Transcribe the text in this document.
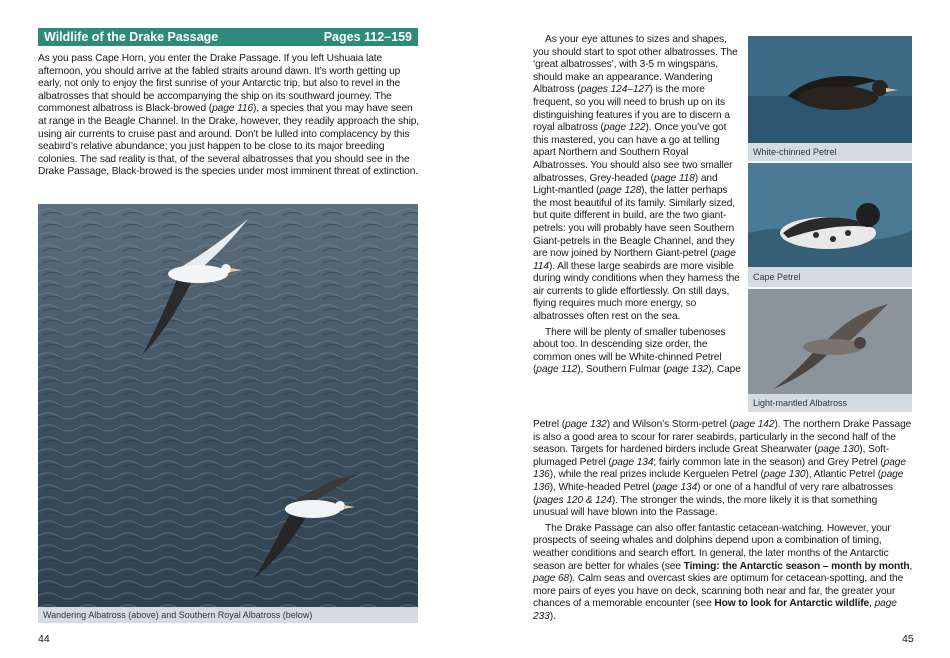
Wildlife of the Drake Passage	Pages 112–159

As you pass Cape Horn, you enter the Drake Passage. If you left Ushuaia late afternoon, you should arrive at the fabled straits around dawn. It’s worth getting up early, not only to enjoy the first sunrise of your Antarctic trip, but also to revel in the albatrosses that should be accompanying the ship on its southward journey. The commonest albatross is Black-browed (page 116), a species that you may have seen at range in the Beagle Channel. In the Drake, however, they readily approach the ship, using air currents to cruise past and around. Don’t be lulled into complacency by this seabird’s relative abundance; you just happen to be close to its major breeding colonies. The sad reality is that, of the several albatrosses that you should see in the Drake Passage, Black-browed is the species under most imminent threat of extinction.

Wandering Albatross (above) and Southern Royal Albatross (below)
44

As your eye attunes to sizes and shapes, you should start to spot other albatrosses. The ‘great albatrosses’, with 3-5 m wingspans, should make an appearance. Wandering Albatross (pages 124–127) is the more frequent, so you will need to brush up on its distinguishing features if you are to discern a royal albatross (page 122). Once you’ve got this mastered, you can have a go at telling apart Northern and Southern Royal Albatrosses. You should also see two smaller albatrosses, Grey-headed (page 118) and Light-mantled (page 128), the latter perhaps the most beautiful of its family. Similarly sized, but quite different in build, are the two giant-petrels: you will probably have seen Southern Giant-petrels in the Beagle Channel, and they are now joined by Northern Giant-petrel (page 114). All these large seabirds are more visible during windy conditions when they harness the air currents to glide effortlessly. On still days, flying requires much more energy, so albatrosses often rest on the sea.

There will be plenty of smaller tubenoses about too. In descending size order, the common ones will be White-chinned Petrel (page 112), Southern Fulmar (page 132), Cape

White-chinned Petrel
Cape Petrel
Light-mantled Albatross

Petrel (page 132) and Wilson’s Storm-petrel (page 142). The northern Drake Passage is also a good area to scour for rarer seabirds, particularly in the second half of the season. Targets for hardened birders include Great Shearwater (page 130), Soft-plumaged Petrel (page 134; fairly common late in the season) and Grey Petrel (page 136), while the real prizes include Kerguelen Petrel (page 130), Atlantic Petrel (page 136), White-headed Petrel (page 134) or one of a handful of very rare albatrosses (pages 120 & 124). The stronger the winds, the more likely it is that something unusual will have blown into the Passage.

The Drake Passage can also offer fantastic cetacean-watching. However, your prospects of seeing whales and dolphins depend upon a combination of timing, weather conditions and search effort. In general, the later months of the Antarctic season are better for whales (see Timing: the Antarctic season – month by month, page 68). Calm seas and overcast skies are optimum for cetacean-spotting, and the more pairs of eyes you have on deck, scanning both near and far, the greater your chances of a memorable encounter (see How to look for Antarctic wildlife, page 233).

45
